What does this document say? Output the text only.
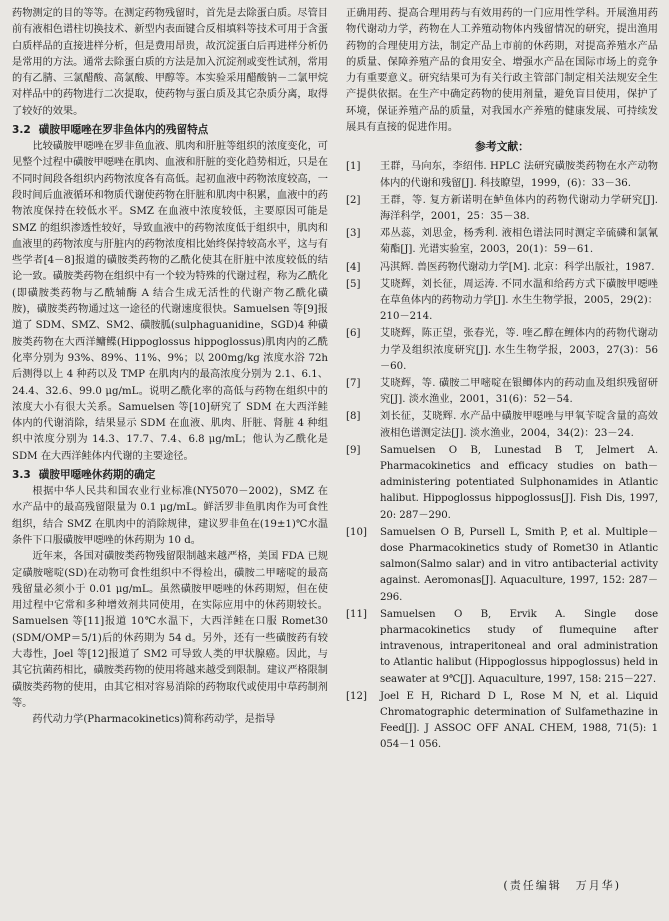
药物测定的目的等等。在测定药物残留时，首先是去除蛋白质。尽管目前有液相色谱柱切换技术、新型内表面键合反相填料等技术可用于含蛋白质样品的直接进样分析，但是费用昂贵，故沉淀蛋白后再进样分析仍是常用的方法。通常去除蛋白质的方法是加入沉淀剂或变性试剂，常用的有乙腈、三氯醋酸、高氯酸、甲醇等。本实验采用醋酸钠－二氯甲烷对样品中的药物进行二次提取，使药物与蛋白质及其它杂质分离，取得了较好的效果。

3.2 磺胺甲噁唑在罗非鱼体内的残留特点

比较磺胺甲噁唑在罗非鱼血液、肌肉和肝脏等组织的浓度变化，可见整个过程中磺胺甲噁唑在肌肉、血液和肝脏的变化趋势相近，只是在不同时间段各组织内药物浓度各有高低。起初血液中药物浓度较高，一段时间后血液循环和物质代谢使药物在肝脏和肌肉中积累，血液中的药物浓度保持在较低水平。SMZ 在血液中浓度较低，主要原因可能是 SMZ 的组织渗透性较好，导致血液中的药物浓度低于组织中，肌肉和血液里的药物浓度与肝脏内的药物浓度相比始终保持较高水平，这与有些学者[4－8]报道的磺胺类药物的乙酰化使其在肝脏中浓度较低的结论一致。磺胺类药物在组织中有一个较为特殊的代谢过程，称为乙酰化(即磺胺类药物与乙酰辅酶 A 结合生成无活性的代谢产物乙酰化磺胺)，磺胺类药物通过这一途径的代谢速度很快。Samuelsen 等[9]报道了 SDM、SMZ、SM2、磺胺胍(sulphaguanidine，SGD)4 种磺胺类药物在大西洋鳙鲽(Hippoglossus hippoglossus)肌肉内的乙酰化率分别为 93%、89%、11%、9%；以 200mg/kg 浓度水浴 72h 后测得以上 4 种药以及 TMP 在肌肉内的最高浓度分别为 2.1、6.1、24.4、32.6、99.0 μg/mL。说明乙酰化率的高低与药物在组织中的浓度大小有很大关系。Samuelsen 等[10]研究了 SDM 在大西洋鲑体内的代谢消除，结果显示 SDM 在血液、肌肉、肝脏、肾脏 4 种组织中浓度分别为 14.3、17.7、7.4、6.8 μg/mL；他认为乙酰化是 SDM 在大西洋鲑体内代谢的主要途径。

3.3 磺胺甲噁唑休药期的确定

根据中华人民共和国农业行业标准(NY5070－2002)，SMZ 在水产品中的最高残留限量为 0.1 μg/mL。鲜活罗非鱼肌肉作为可食性组织，结合 SMZ 在肌肉中的消除规律，建议罗非鱼在(19±1)℃水温条件下口服磺胺甲噁唑的休药期为 10 d。

近年来，各国对磺胺类药物残留限制越来越严格，美国 FDA 已规定磺胺嘧啶(SD)在动物可食性组织中不得检出，磺胺二甲嘧啶的最高残留量必须小于 0.01 μg/mL。虽然磺胺甲噁唑的休药期短，但在使用过程中它常和多种增效剂共同使用，在实际应用中的休药期较长。Samuelsen 等[11]报道 10℃水温下，大西洋鲑在口服 Romet30 (SDM/OMP＝5/1)后的休药期为 54 d。另外，还有一些磺胺药有较大毒性，Joel 等[12]报道了 SM2 可导致人类的甲状腺癌。因此，与其它抗菌药相比，磺胺类药物的使用将越来越受到限制。建议严格限制磺胺类药物的使用，由其它相对容易消除的药物取代或使用中草药制剂等。

药代动力学(Pharmacokinetics)简称药动学，是指导

正确用药、提高合理用药与有效用药的一门应用性学科。开展渔用药物代谢动力学，药物在人工养殖动物体内残留情况的研究，提出渔用药物的合理使用方法，制定产品上市前的休药期，对提高养殖水产品的质量、保障养殖产品的食用安全、增强水产品在国际市场上的竞争力有重要意义。研究结果可为有关行政主管部门制定相关法规安全生产提供依据。在生产中确定药物的使用剂量，避免盲目使用，保护了环境，保证养殖产品的质量，对我国水产养殖的健康发展、可持续发展具有直接的促进作用。

参考文献：
[1]	王群，马向东，李绍伟. HPLC 法研究磺胺类药物在水产动物体内的代谢和残留[J]. 科技瞭望，1999，(6)：33－36.
[2]	王群，等. 复方新诺明在鲈鱼体内的药物代谢动力学研究[J]. 海洋科学，2001，25：35－38.
[3]	邓丛蕊，刘思金，杨秀利. 液相色谱法同时测定辛硫磷和氯氰菊酯[J]. 光谱实验室，2003，20(1)：59－61.
[4]	冯淇辉. 兽医药物代谢动力学[M]. 北京：科学出版社，1987.
[5]	艾晓辉，刘长征，周运涛. 不同水温和给药方式下磺胺甲噁唑在草鱼体内的药物动力学[J]. 水生生物学报，2005，29(2)：210－214.
[6]	艾晓辉，陈正望，张春光，等. 喹乙醇在鲤体内的药物代谢动力学及组织浓度研究[J]. 水生生物学报，2003，27(3)：56－60.
[7]	艾晓辉，等. 磺胺二甲嘧啶在银鲫体内的药动血及组织残留研究[J]. 淡水渔业，2001，31(6)：52－54.
[8]	刘长征，艾晓辉. 水产品中磺胺甲噁唑与甲氧苄啶含量的高效液相色谱测定法[J]. 淡水渔业，2004，34(2)：23－24.
[9]	Samuelsen O B, Lunestad B T, Jelmert A. Pharmacokinetics and efficacy studies on bath－administering potentiated Sulphonamides in Atlantic halibut. Hippoglossus hippoglossus[J]. Fish Dis, 1997, 20: 287－290.
[10]	Samuelsen O B, Pursell L, Smith P, et al. Multiple－dose Pharmacokinetics study of Romet30 in Atlantic salmon(Salmo salar) and in vitro antibacterial activity against. Aeromonas[J]. Aquaculture, 1997, 152: 287－296.
[11]	Samuelsen O B, Ervik A. Single dose pharmacokinetics study of flumequine after intravenous, intraperitoneal and oral administration to Atlantic halibut (Hippoglossus hippoglossus) held in seawater at 9℃[J]. Aquaculture, 1997, 158: 215－227.
[12]	Joel E H, Richard D L, Rose M N, et al. Liquid Chromatographic determination of Sulfamethazine in Feed[J]. J ASSOC OFF ANAL CHEM, 1988, 71(5): 1 054－1 056.
(责任编辑 万月华)
